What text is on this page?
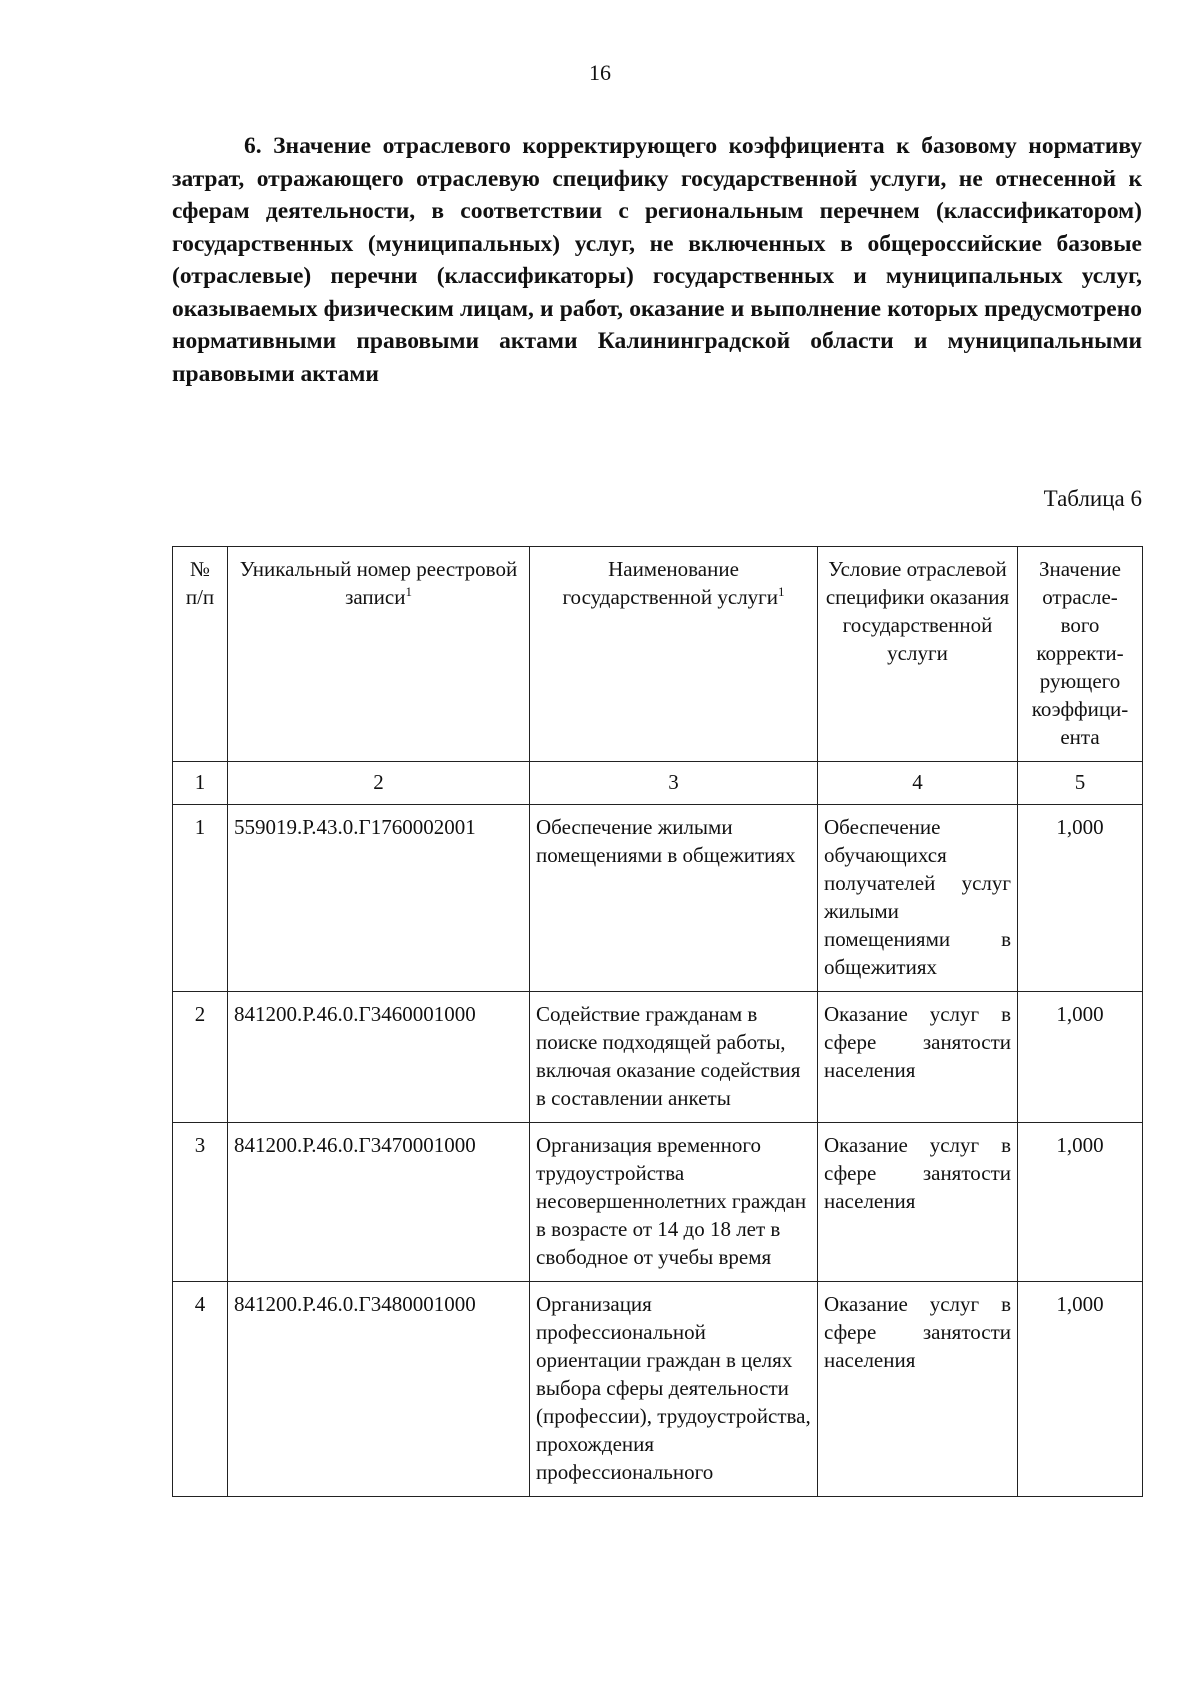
16

6. Значение отраслевого корректирующего коэффициента к базовому нормативу затрат, отражающего отраслевую специфику государственной услуги, не отнесенной к сферам деятельности, в соответствии с региональным перечнем (классификатором) государственных (муниципальных) услуг, не включенных в общероссийские базовые (отраслевые) перечни (классификаторы) государственных и муниципальных услуг, оказываемых физическим лицам, и работ, оказание и выполнение которых предусмотрено нормативными правовыми актами Калининградской области и муниципальными правовыми актами

Таблица 6
№ п/п	Уникальный номер реестровой записи$^1$	Наименование государственной услуги$^1$	Условие отраслевой специфики оказания государственной услуги	Значение отрасле-вого корректи-рующего коэффици-ента
1	2	3	4	5
1	559019.Р.43.0.Г1760002001	Обеспечение жилыми помещениями в общежитиях	Обеспечение обучающихся получателей услуг жилыми помещениями в общежитиях	1,000
2	841200.Р.46.0.Г3460001000	Содействие гражданам в поиске подходящей работы, включая оказание содействия в составлении анкеты	Оказание услуг в сфере занятости населения	1,000
3	841200.Р.46.0.Г3470001000	Организация временного трудоустройства несовершеннолетних граждан в возрасте от 14 до 18 лет в свободное от учебы время	Оказание услуг в сфере занятости населения	1,000
4	841200.Р.46.0.Г3480001000	Организация профессиональной ориентации граждан в целях выбора сферы деятельности (профессии), трудоустройства, прохождения профессионального	Оказание услуг в сфере занятости населения	1,000
